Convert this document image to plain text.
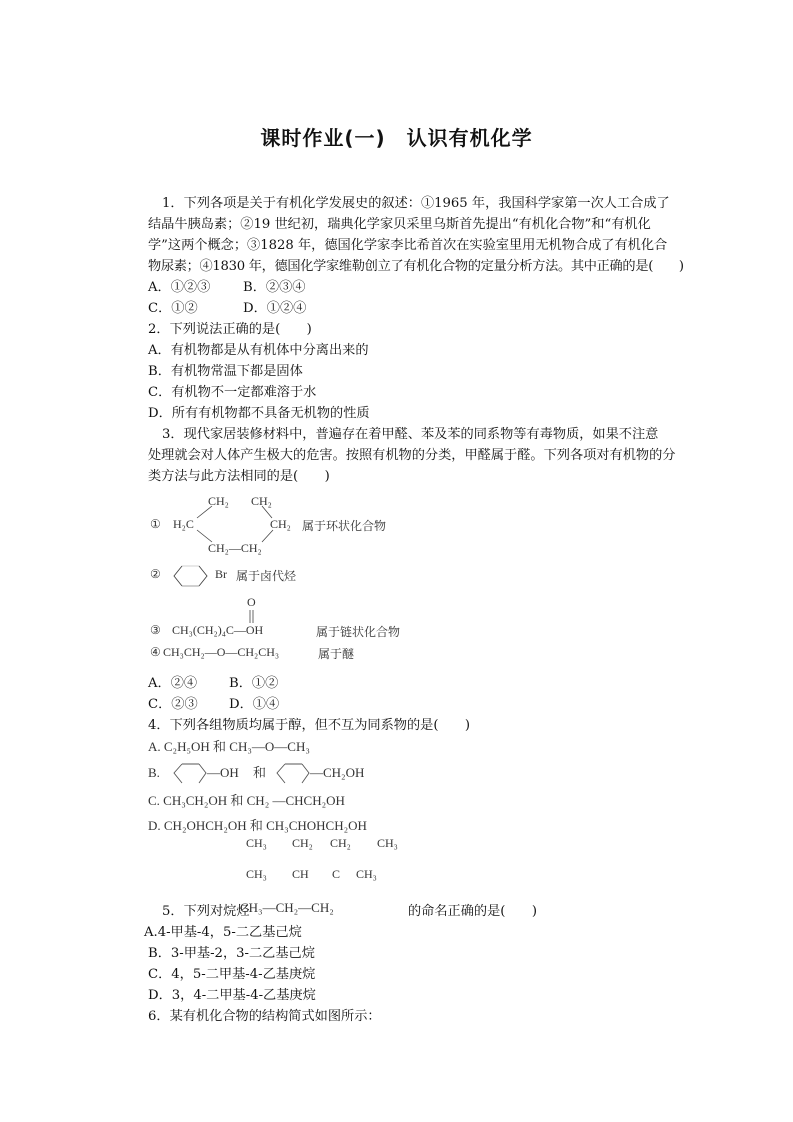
课时作业(一)　认识有机化学
1．下列各项是关于有机化学发展史的叙述：①1965 年，我国科学家第一次人工合成了
结晶牛胰岛素；②19 世纪初，瑞典化学家贝采里乌斯首先提出“有机化合物”和“有机化
学”这两个概念；③1828 年，德国化学家李比希首次在实验室里用无机物合成了有机化合
物尿素；④1830 年，德国化学家维勒创立了有机化合物的定量分析方法。其中正确的是(　　)
A．①②③ B．②③④
C．①②	D．①②④
2．下列说法正确的是(　　)
A．有机物都是从有机体中分离出来的
B．有机物常温下都是固体
C．有机物不一定都难溶于水
D．所有有机物都不具备无机物的性质
3．现代家居装修材料中，普遍存在着甲醛、苯及苯的同系物等有毒物质，如果不注意
处理就会对人体产生极大的危害。按照有机物的分类，甲醛属于醛。下列各项对有机物的分
类方法与此方法相同的是(　　)
① H₂C
CH₂ CH₂
CH₂
CH₂—CH₂
属于环状化合物
②	Br 属于卤代烃
O
③ CH₃(CH₂)₄C—OH	属于链状化合物
④ CH₃CH₂—O—CH₂CH₃	属于醚
A．②④ B．①②
C．②③ D．①④
4．下列各组物质均属于醇，但不互为同系物的是(　　)
A. C₂H₅OH 和 CH₃—O—CH₃
B.	—OH 和	—CH₂OH
C. CH₃CH₂OH 和 CH₂ —CHCH₂OH
D. CH₂OHCH₂OH 和 CH₃CHOHCH₂OH
CH₃ CH₂ CH₂ CH₃
CH₃ CH C CH₃
5．下列对烷烃
CH₃—CH₂—CH₂	的命名正确的是(　　)
A.4-甲基-4，5-二乙基己烷
B．3-甲基-2，3-二乙基己烷
C．4，5-二甲基-4-乙基庚烷
D．3，4-二甲基-4-乙基庚烷
6．某有机化合物的结构简式如图所示：
